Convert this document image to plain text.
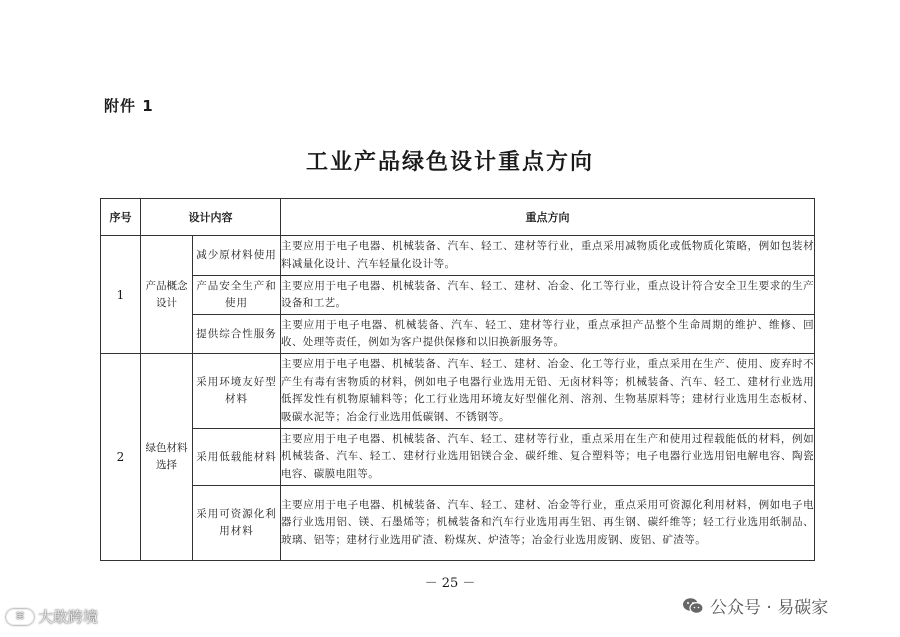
附件 1
工业产品绿色设计重点方向
序号	设计内容		重点方向
1	产品概念设计	减少原材料使用	主要应用于电子电器、机械装备、汽车、轻工、建材等行业，重点采用减物质化或低物质化策略，例如包装材料减量化设计、汽车轻量化设计等。
		产品安全生产和使用	主要应用于电子电器、机械装备、汽车、轻工、建材、冶金、化工等行业，重点设计符合安全卫生要求的生产设备和工艺。
		提供综合性服务	主要应用于电子电器、机械装备、汽车、轻工、建材等行业，重点承担产品整个生命周期的维护、维修、回收、处理等责任，例如为客户提供保修和以旧换新服务等。
2	绿色材料选择	采用环境友好型材料	主要应用于电子电器、机械装备、汽车、轻工、建材、冶金、化工等行业，重点采用在生产、使用、废弃时不产生有毒有害物质的材料，例如电子电器行业选用无铅、无卤材料等；机械装备、汽车、轻工、建材行业选用低挥发性有机物原辅料等；化工行业选用环境友好型催化剂、溶剂、生物基原料等；建材行业选用生态板材、吸碳水泥等；冶金行业选用低碳钢、不锈钢等。
		采用低载能材料	主要应用于电子电器、机械装备、汽车、轻工、建材等行业，重点采用在生产和使用过程载能低的材料，例如机械装备、汽车、轻工、建材行业选用铝镁合金、碳纤维、复合塑料等；电子电器行业选用铝电解电容、陶瓷电容、碳膜电阻等。
		采用可资源化利用材料	主要应用于电子电器、机械装备、汽车、轻工、建材、冶金等行业，重点采用可资源化利用材料，例如电子电器行业选用铝、镁、石墨烯等；机械装备和汽车行业选用再生铝、再生钢、碳纤维等；轻工行业选用纸制品、玻璃、铝等；建材行业选用矿渣、粉煤灰、炉渣等；冶金行业选用废钢、废铝、矿渣等。
－ 25 －
⌘ 大敢跨境	公众号 · 易碳家
